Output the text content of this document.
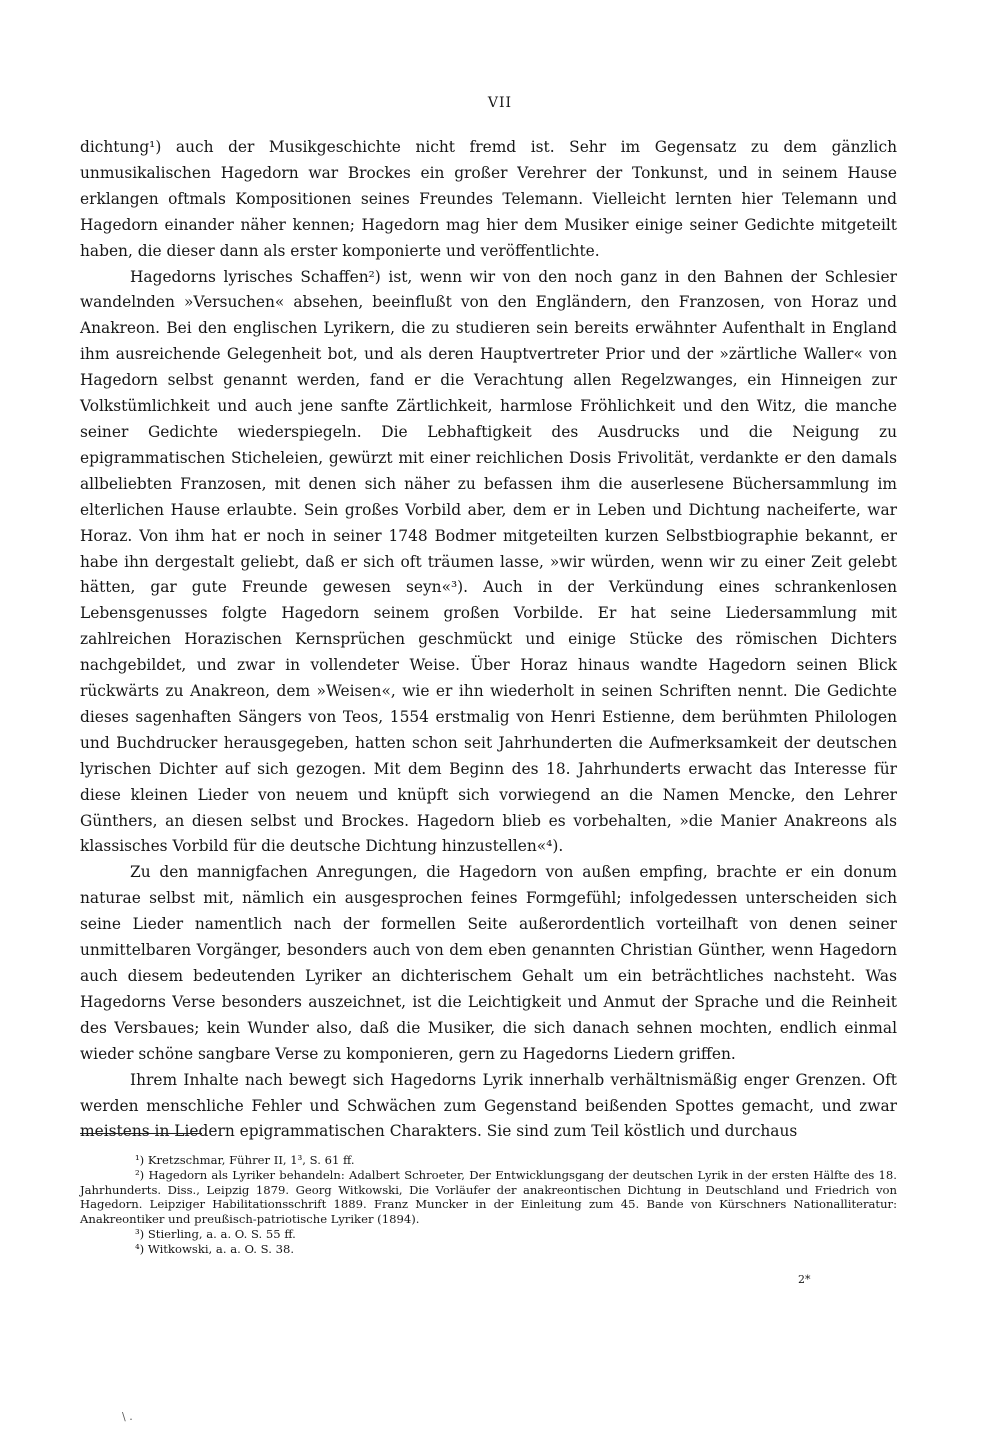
VII

dichtung¹) auch der Musikgeschichte nicht fremd ist. Sehr im Gegensatz zu dem gänzlich unmusikalischen Hagedorn war Brockes ein großer Verehrer der Tonkunst, und in seinem Hause erklangen oftmals Kompositionen seines Freundes Telemann. Vielleicht lernten hier Telemann und Hagedorn einander näher kennen; Hagedorn mag hier dem Musiker einige seiner Gedichte mitgeteilt haben, die dieser dann als erster komponierte und veröffentlichte.

Hagedorns lyrisches Schaffen²) ist, wenn wir von den noch ganz in den Bahnen der Schlesier wandelnden »Versuchen« absehen, beeinflußt von den Engländern, den Franzosen, von Horaz und Anakreon. Bei den englischen Lyrikern, die zu studieren sein bereits erwähnter Aufenthalt in England ihm ausreichende Gelegenheit bot, und als deren Hauptvertreter Prior und der »zärtliche Waller« von Hagedorn selbst genannt werden, fand er die Verachtung allen Regelzwanges, ein Hinneigen zur Volkstümlichkeit und auch jene sanfte Zärtlichkeit, harmlose Fröhlichkeit und den Witz, die manche seiner Gedichte wiederspiegeln. Die Lebhaftigkeit des Ausdrucks und die Neigung zu epigrammatischen Sticheleien, gewürzt mit einer reichlichen Dosis Frivolität, verdankte er den damals allbeliebten Franzosen, mit denen sich näher zu befassen ihm die auserlesene Büchersammlung im elterlichen Hause erlaubte. Sein großes Vorbild aber, dem er in Leben und Dichtung nacheiferte, war Horaz. Von ihm hat er noch in seiner 1748 Bodmer mitgeteilten kurzen Selbstbiographie bekannt, er habe ihn dergestalt geliebt, daß er sich oft träumen lasse, »wir würden, wenn wir zu einer Zeit gelebt hätten, gar gute Freunde gewesen seyn«³). Auch in der Verkündung eines schrankenlosen Lebensgenusses folgte Hagedorn seinem großen Vorbilde. Er hat seine Liedersammlung mit zahlreichen Horazischen Kernsprüchen geschmückt und einige Stücke des römischen Dichters nachgebildet, und zwar in vollendeter Weise. Über Horaz hinaus wandte Hagedorn seinen Blick rückwärts zu Anakreon, dem »Weisen«, wie er ihn wiederholt in seinen Schriften nennt. Die Gedichte dieses sagenhaften Sängers von Teos, 1554 erstmalig von Henri Estienne, dem berühmten Philologen und Buchdrucker herausgegeben, hatten schon seit Jahrhunderten die Aufmerksamkeit der deutschen lyrischen Dichter auf sich gezogen. Mit dem Beginn des 18. Jahrhunderts erwacht das Interesse für diese kleinen Lieder von neuem und knüpft sich vorwiegend an die Namen Mencke, den Lehrer Günthers, an diesen selbst und Brockes. Hagedorn blieb es vorbehalten, »die Manier Anakreons als klassisches Vorbild für die deutsche Dichtung hinzustellen«⁴).

Zu den mannigfachen Anregungen, die Hagedorn von außen empfing, brachte er ein donum naturae selbst mit, nämlich ein ausgesprochen feines Formgefühl; infolgedessen unterscheiden sich seine Lieder namentlich nach der formellen Seite außerordentlich vorteilhaft von denen seiner unmittelbaren Vorgänger, besonders auch von dem eben genannten Christian Günther, wenn Hagedorn auch diesem bedeutenden Lyriker an dichterischem Gehalt um ein beträchtliches nachsteht. Was Hagedorns Verse besonders auszeichnet, ist die Leichtigkeit und Anmut der Sprache und die Reinheit des Versbaues; kein Wunder also, daß die Musiker, die sich danach sehnen mochten, endlich einmal wieder schöne sangbare Verse zu komponieren, gern zu Hagedorns Liedern griffen.

Ihrem Inhalte nach bewegt sich Hagedorns Lyrik innerhalb verhältnismäßig enger Grenzen. Oft werden menschliche Fehler und Schwächen zum Gegenstand beißenden Spottes gemacht, und zwar meistens in Liedern epigrammatischen Charakters. Sie sind zum Teil köstlich und durchaus

¹) Kretzschmar, Führer II, 1³, S. 61 ff.

²) Hagedorn als Lyriker behandeln: Adalbert Schroeter, Der Entwicklungsgang der deutschen Lyrik in der ersten Hälfte des 18. Jahrhunderts. Diss., Leipzig 1879. Georg Witkowski, Die Vorläufer der anakreontischen Dichtung in Deutschland und Friedrich von Hagedorn. Leipziger Habilitationsschrift 1889. Franz Muncker in der Einleitung zum 45. Bande von Kürschners Nationalliteratur: Anakreontiker und preußisch-patriotische Lyriker (1894).

³) Stierling, a. a. O. S. 55 ff.

⁴) Witkowski, a. a. O. S. 38.

2*
\ .
